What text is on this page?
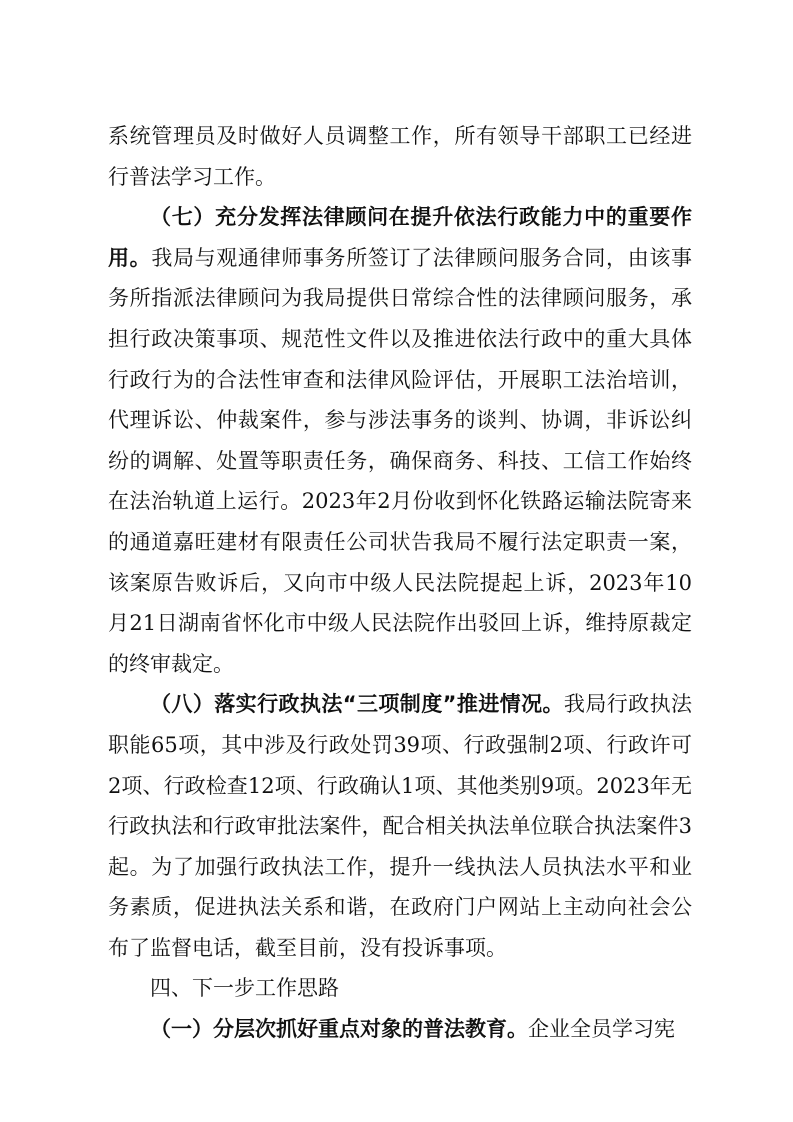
系统管理员及时做好人员调整工作，所有领导干部职工已经进行普法学习工作。

（七）充分发挥法律顾问在提升依法行政能力中的重要作用。我局与观通律师事务所签订了法律顾问服务合同，由该事务所指派法律顾问为我局提供日常综合性的法律顾问服务，承担行政决策事项、规范性文件以及推进依法行政中的重大具体行政行为的合法性审查和法律风险评估，开展职工法治培训，代理诉讼、仲裁案件，参与涉法事务的谈判、协调，非诉讼纠纷的调解、处置等职责任务，确保商务、科技、工信工作始终在法治轨道上运行。2023年2月份收到怀化铁路运输法院寄来的通道嘉旺建材有限责任公司状告我局不履行法定职责一案，该案原告败诉后，又向市中级人民法院提起上诉，2023年10月21日湖南省怀化市中级人民法院作出驳回上诉，维持原裁定的终审裁定。

（八）落实行政执法“三项制度”推进情况。我局行政执法职能65项，其中涉及行政处罚39项、行政强制2项、行政许可2项、行政检查12项、行政确认1项、其他类别9项。2023年无行政执法和行政审批法案件，配合相关执法单位联合执法案件3起。为了加强行政执法工作，提升一线执法人员执法水平和业务素质，促进执法关系和谐，在政府门户网站上主动向社会公布了监督电话，截至目前，没有投诉事项。

四、下一步工作思路

（一）分层次抓好重点对象的普法教育。企业全员学习宪
